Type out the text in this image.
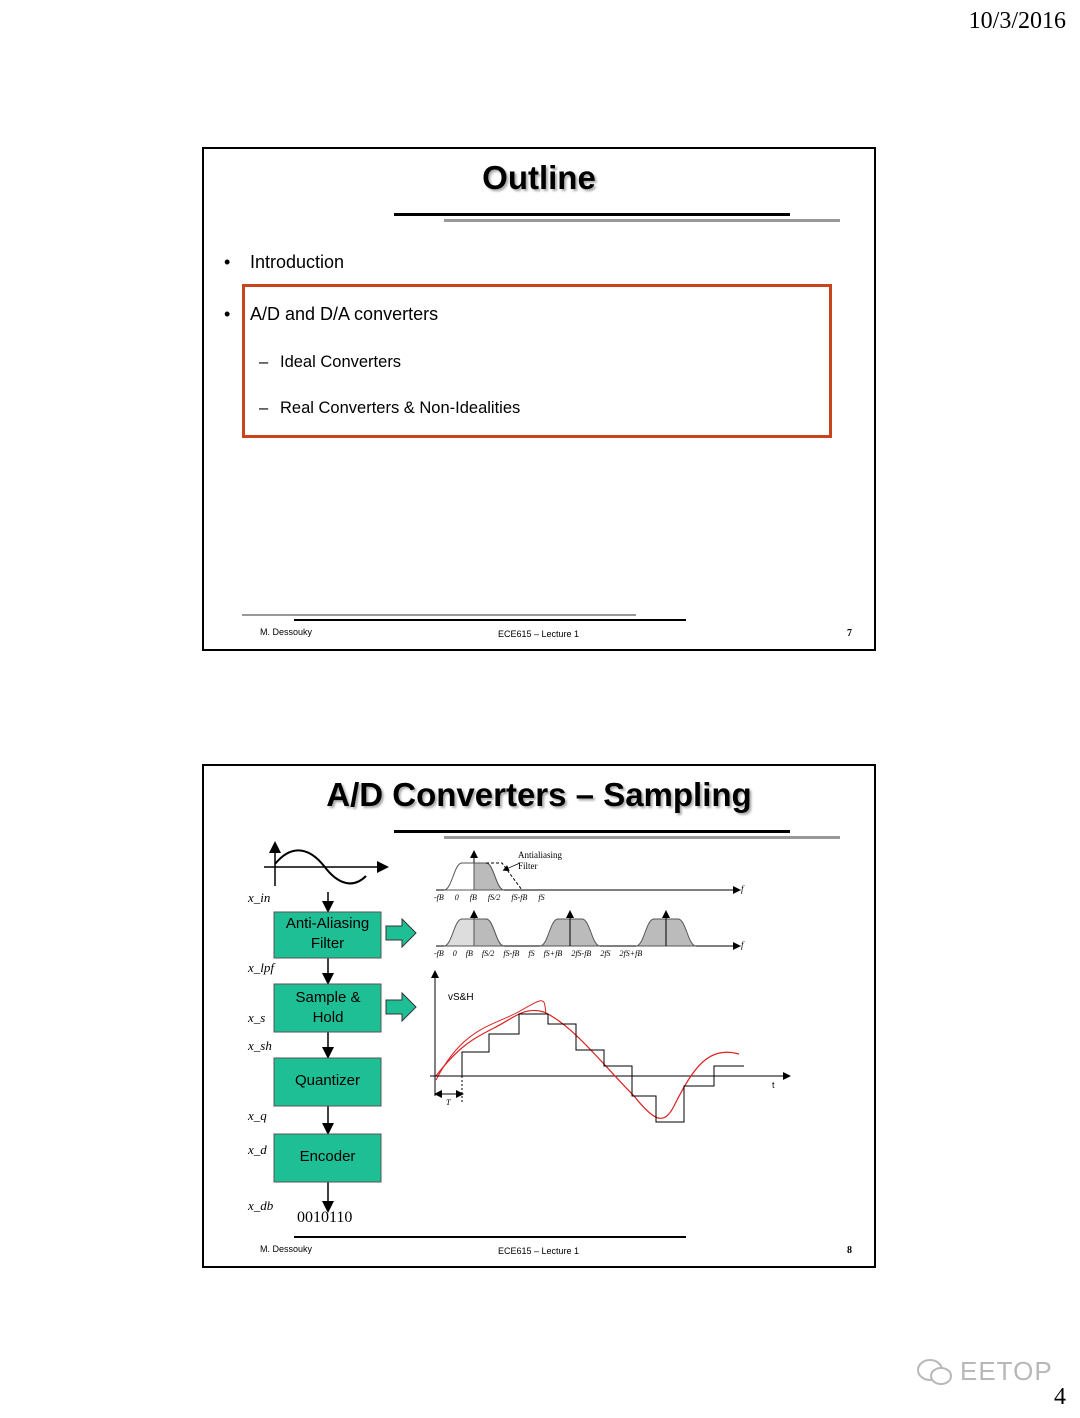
10/3/2016
Outline
• Introduction
• A/D and D/A converters
– Ideal Converters
– Real Converters & Non-Idealities
M. Dessouky	ECE615 – Lecture 1	7
A/D Converters – Sampling
f
f
Anti-Aliasing Filter
Sample & Hold
Quantizer
Encoder
x_in
x_lpf
x_s
x_sh
x_q
x_d
x_db
0010110
Antialiasing Filter
-fB 0 fB fS/2 fS-fB fS
-fB 0 fB fS/2 fS-fB fS fS+fB 2fS-fB 2fS 2fS+fB
vS&H
t
T
M. Dessouky	ECE615 – Lecture 1	8
EETOP
4
